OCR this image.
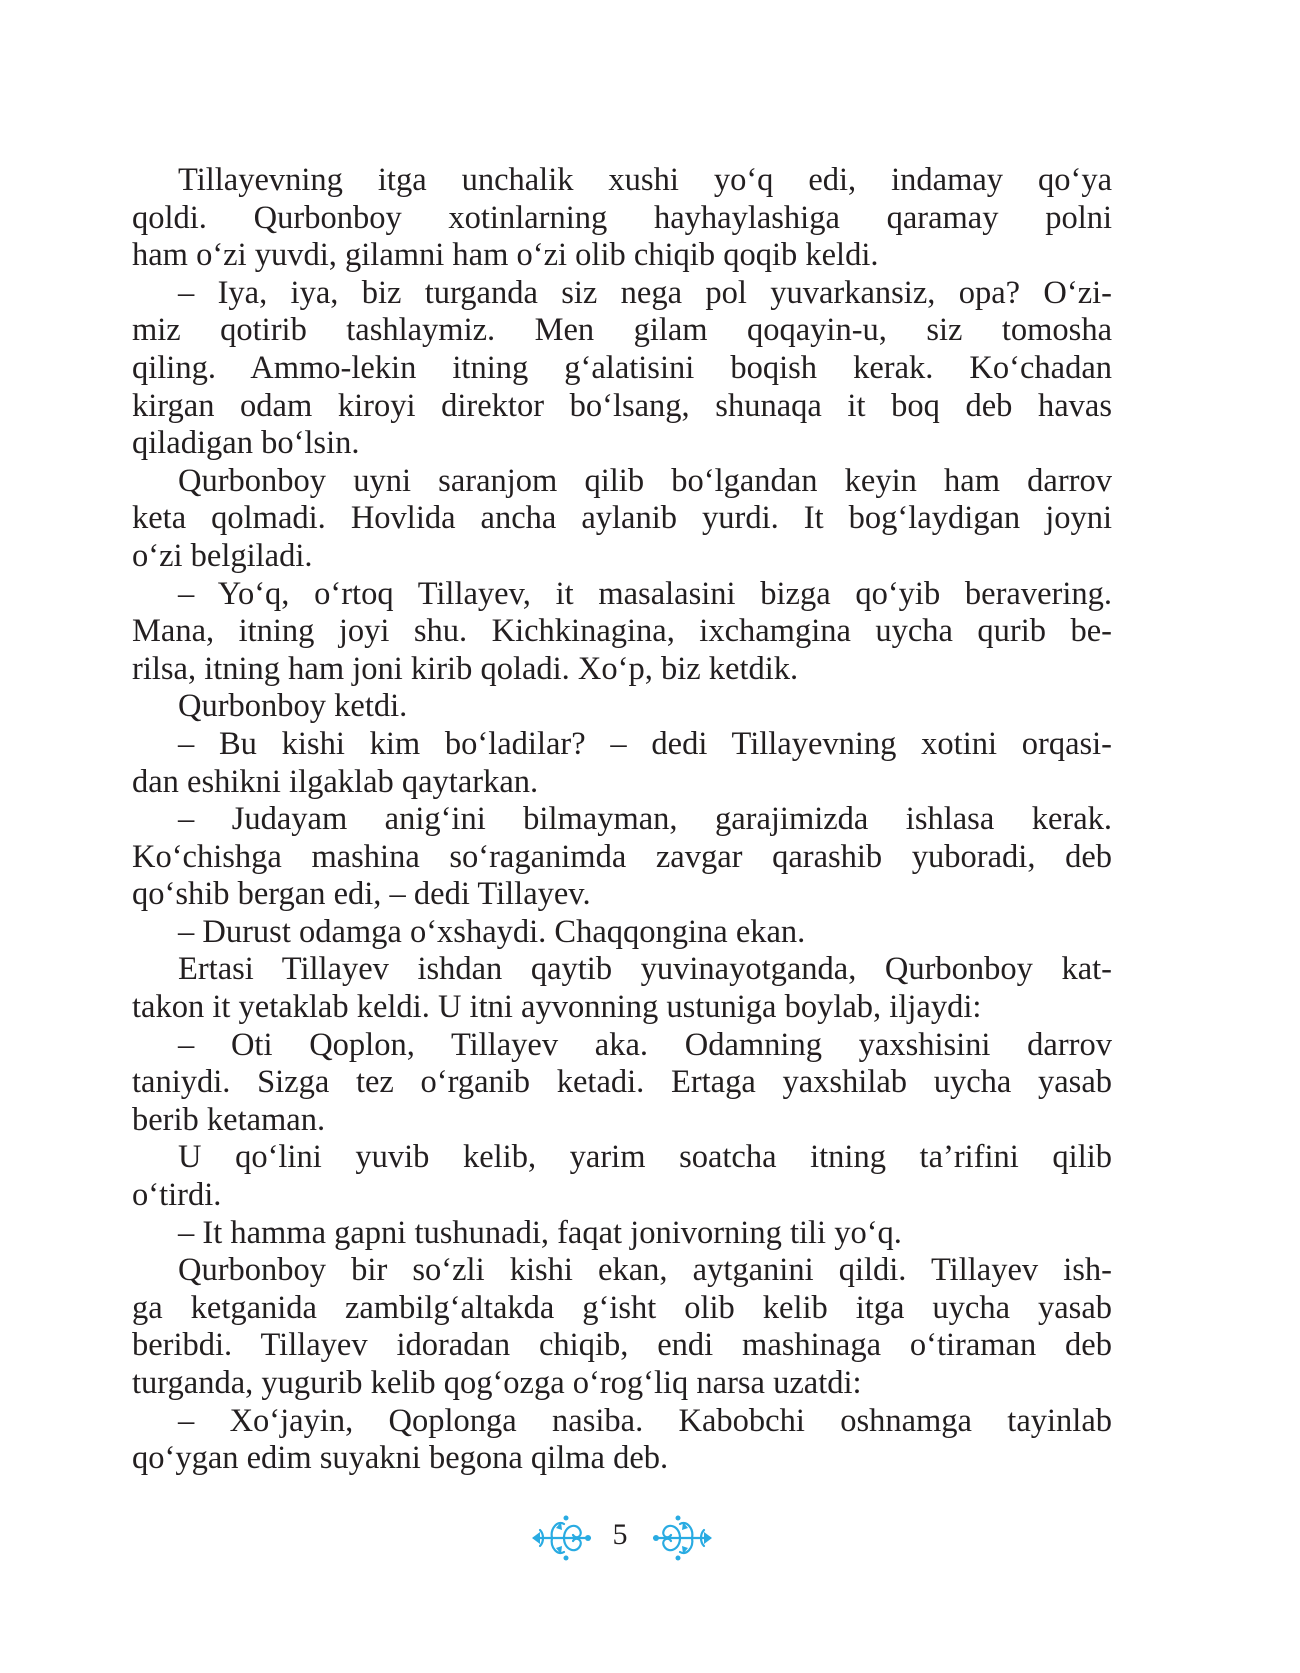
Tillayevning itga unchalik xushi yo‘q edi, indamay qo‘ya
qoldi. Qurbonboy xotinlarning hayhaylashiga qaramay polni
ham o‘zi yuvdi, gilamni ham o‘zi olib chiqib qoqib keldi.
– Iya, iya, biz turganda siz nega pol yuvarkansiz, opa? O‘zi-
miz qotirib tashlaymiz. Men gilam qoqayin-u, siz tomosha
qiling. Ammo-lekin itning g‘alatisini boqish kerak. Ko‘chadan
kirgan odam kiroyi direktor bo‘lsang, shunaqa it boq deb havas
qiladigan bo‘lsin.
Qurbonboy uyni saranjom qilib bo‘lgandan keyin ham darrov
keta qolmadi. Hovlida ancha aylanib yurdi. It bog‘laydigan joyni
o‘zi belgiladi.
– Yo‘q, o‘rtoq Tillayev, it masalasini bizga qo‘yib beravering.
Mana, itning joyi shu. Kichkinagina, ixchamgina uycha qurib be-
rilsa, itning ham joni kirib qoladi. Xo‘p, biz ketdik.
Qurbonboy ketdi.
– Bu kishi kim bo‘ladilar? – dedi Tillayevning xotini orqasi-
dan eshikni ilgaklab qaytarkan.
– Judayam anig‘ini bilmayman, garajimizda ishlasa kerak.
Ko‘chishga mashina so‘raganimda zavgar qarashib yuboradi, deb
qo‘shib bergan edi, – dedi Tillayev.
– Durust odamga o‘xshaydi. Chaqqongina ekan.
Ertasi Tillayev ishdan qaytib yuvinayotganda, Qurbonboy kat-
takon it yetaklab keldi. U itni ayvonning ustuniga boylab, iljaydi:
– Oti Qoplon, Tillayev aka. Odamning yaxshisini darrov
taniydi. Sizga tez o‘rganib ketadi. Ertaga yaxshilab uycha yasab
berib ketaman.
U qo‘lini yuvib kelib, yarim soatcha itning ta’rifini qilib
o‘tirdi.
– It hamma gapni tushunadi, faqat jonivorning tili yo‘q.
Qurbonboy bir so‘zli kishi ekan, aytganini qildi. Tillayev ish-
ga ketganida zambilg‘altakda g‘isht olib kelib itga uycha yasab
beribdi. Tillayev idoradan chiqib, endi mashinaga o‘tiraman deb
turganda, yugurib kelib qog‘ozga o‘rog‘liq narsa uzatdi:
– Xo‘jayin, Qoplonga nasiba. Kabobchi oshnamga tayinlab
qo‘ygan edim suyakni begona qilma deb.
5
